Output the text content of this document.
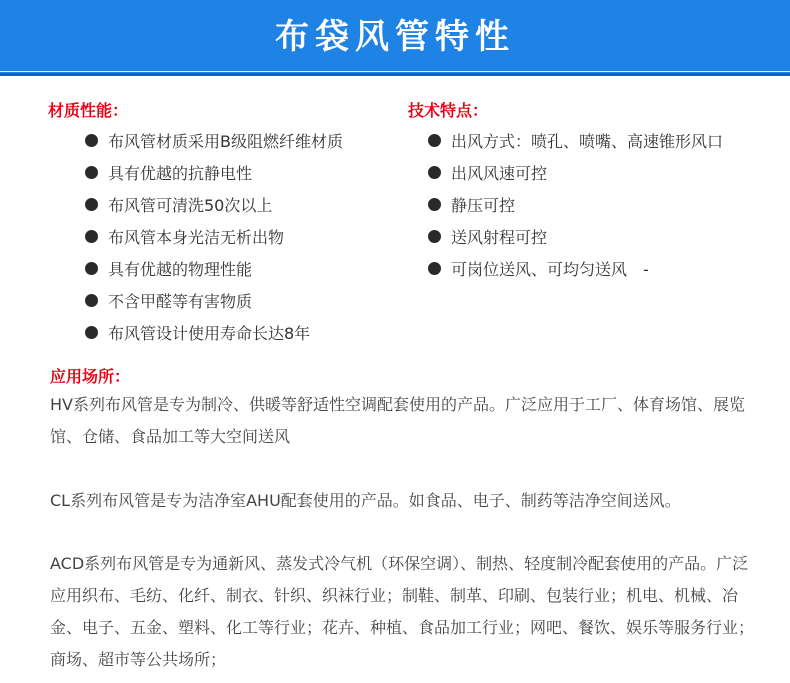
布袋风管特性
材质性能：
布风管材质采用B级阻燃纤维材质
具有优越的抗静电性
布风管可清洗50次以上
布风管本身光洁无析出物
具有优越的物理性能
不含甲醛等有害物质
布风管设计使用寿命长达8年
技术特点：
出风方式：喷孔、喷嘴、高速锥形风口
出风风速可控
静压可控
送风射程可控
可岗位送风、可均匀送风　-
应用场所：

HV系列布风管是专为制冷、供暖等舒适性空调配套使用的产品。广泛应用于工厂、体育场馆、展览馆、仓储、食品加工等大空间送风

CL系列布风管是专为洁净室AHU配套使用的产品。如食品、电子、制药等洁净空间送风。

ACD系列布风管是专为通新风、蒸发式冷气机（环保空调）、制热、轻度制冷配套使用的产品。广泛应用织布、毛纺、化纤、制衣、针织、织袜行业；制鞋、制革、印刷、包装行业；机电、机械、冶金、电子、五金、塑料、化工等行业；花卉、种植、食品加工行业；网吧、餐饮、娱乐等服务行业；商场、超市等公共场所；
